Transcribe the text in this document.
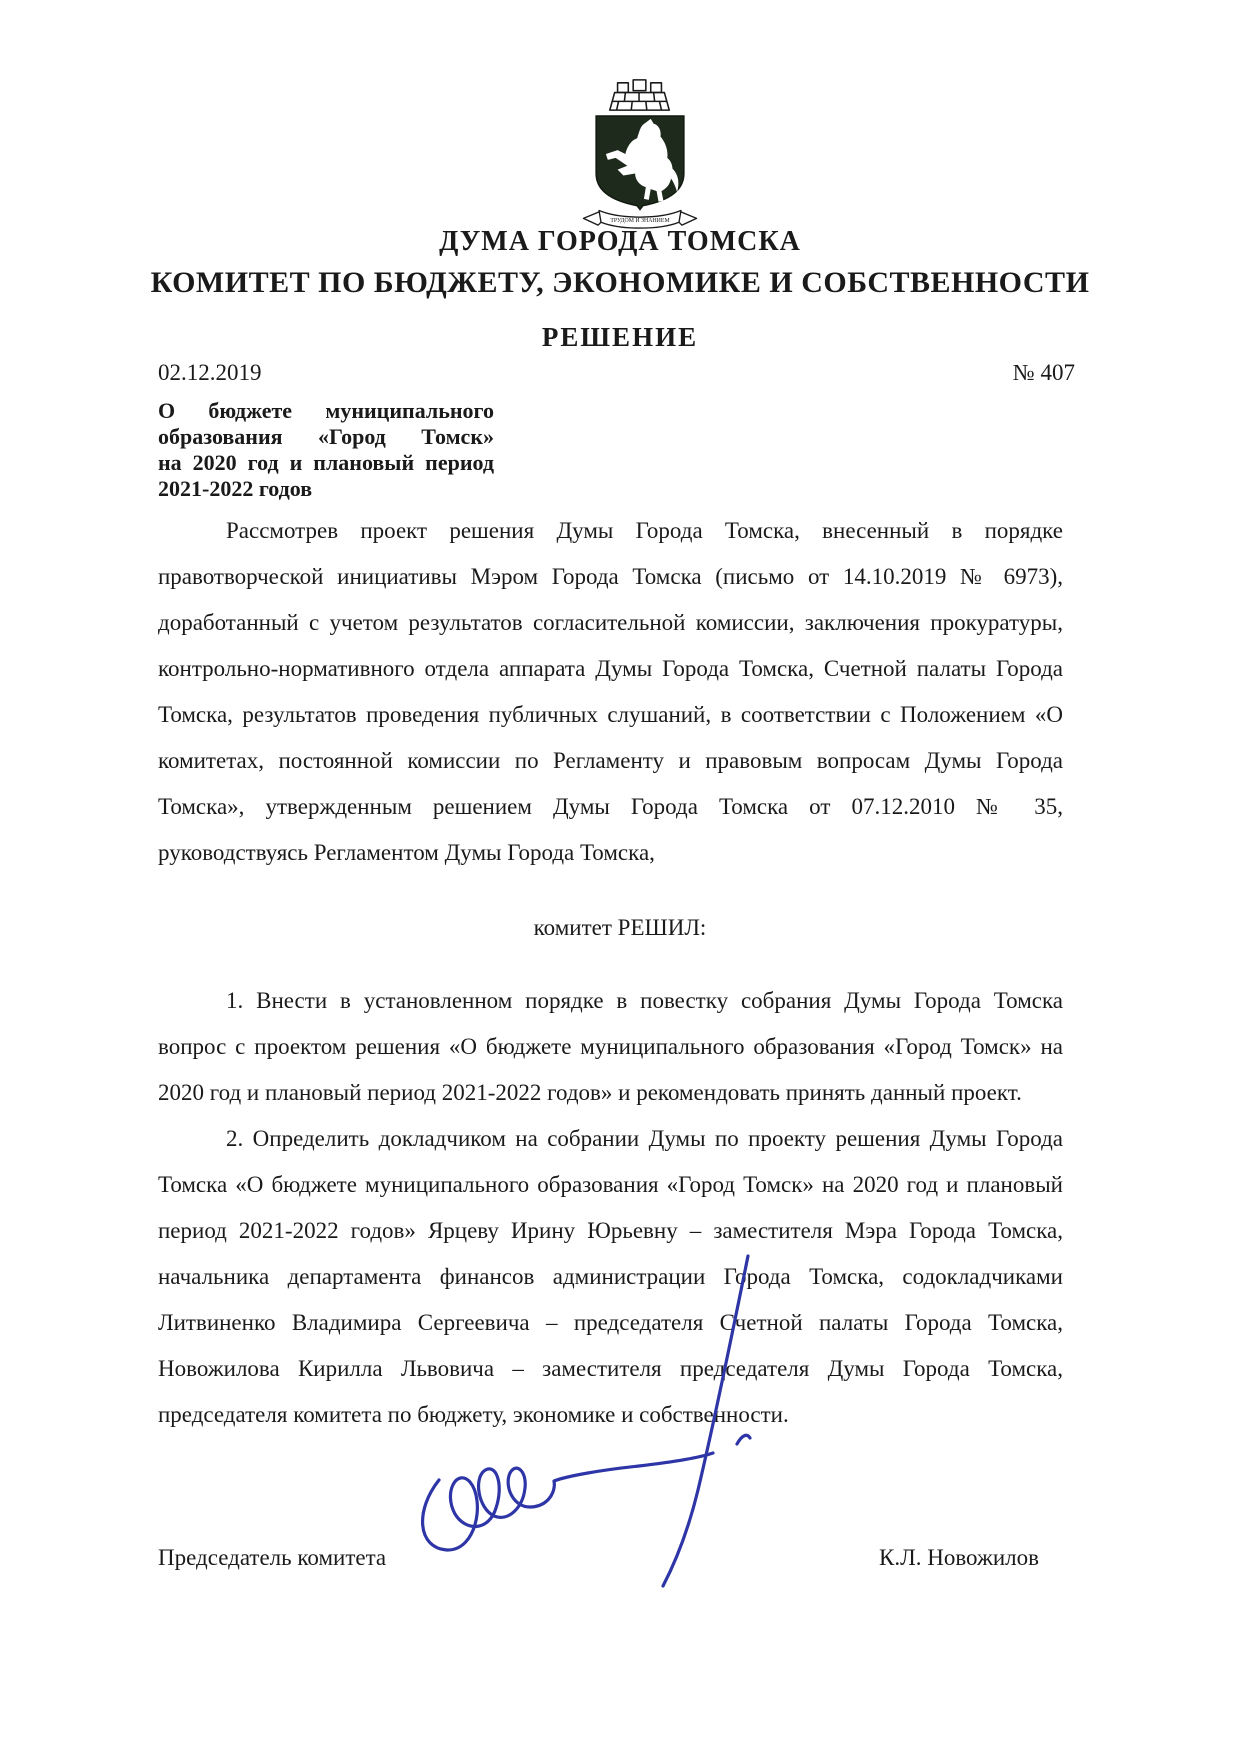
ТРУДОМ И ЗНАНИЕМ
ДУМА ГОРОДА ТОМСКА
КОМИТЕТ ПО БЮДЖЕТУ, ЭКОНОМИКЕ И СОБСТВЕННОСТИ
РЕШЕНИЕ
02.12.2019	№ 407
О бюджете муниципального
образования «Город Томск»
на 2020 год и плановый период
2021-2022 годов

Рассмотрев проект решения Думы Города Томска, внесенный в порядке правотворческой инициативы Мэром Города Томска (письмо от 14.10.2019 № 6973), доработанный с учетом результатов согласительной комиссии, заключения прокуратуры, контрольно-нормативного отдела аппарата Думы Города Томска, Счетной палаты Города Томска, результатов проведения публичных слушаний, в соответствии с Положением «О комитетах, постоянной комиссии по Регламенту и правовым вопросам Думы Города Томска», утвержденным решением Думы Города Томска от 07.12.2010 № 35, руководствуясь Регламентом Думы Города Томска,

комитет РЕШИЛ:

1. Внести в установленном порядке в повестку собрания Думы Города Томска вопрос с проектом решения «О бюджете муниципального образования «Город Томск» на 2020 год и плановый период 2021-2022 годов» и рекомендовать принять данный проект.

2. Определить докладчиком на собрании Думы по проекту решения Думы Города Томска «О бюджете муниципального образования «Город Томск» на 2020 год и плановый период 2021-2022 годов» Ярцеву Ирину Юрьевну – заместителя Мэра Города Томска, начальника департамента финансов администрации Города Томска, содокладчиками Литвиненко Владимира Сергеевича – председателя Счетной палаты Города Томска, Новожилова Кирилла Львовича – заместителя председателя Думы Города Томска, председателя комитета по бюджету, экономике и собственности.

Председатель комитета	К.Л. Новожилов
